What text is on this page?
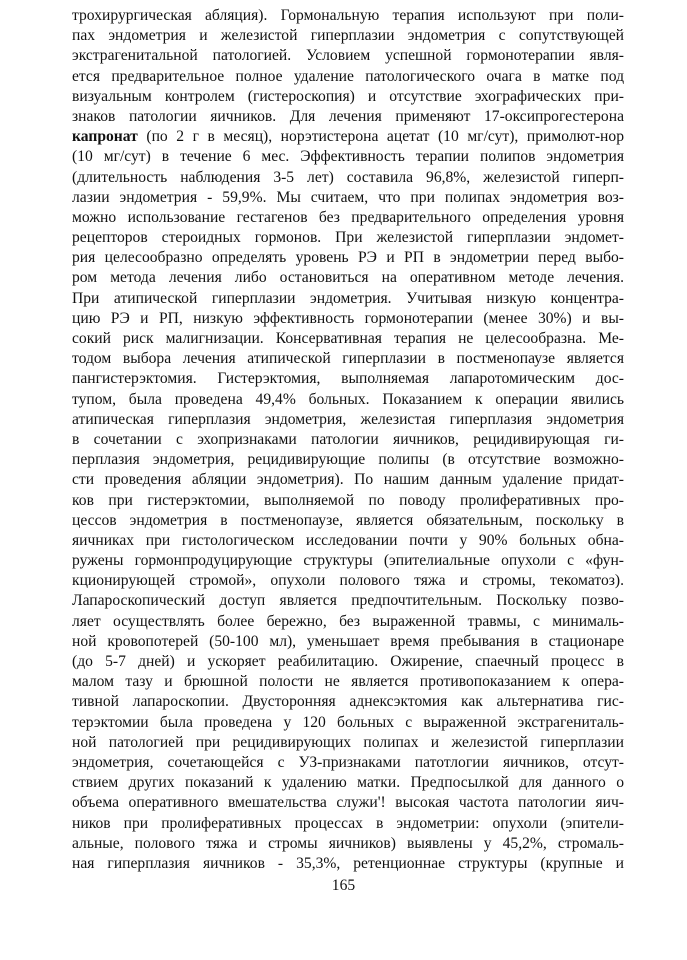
трохирургическая абляция). Гормональную терапия используют при поли-
пах эндометрия и железистой гиперплазии эндометрия с сопутствующей
экстрагенитальной патологией. Условием успешной гормонотерапии явля-
ется предварительное полное удаление патологического очага в матке под
визуальным контролем (гистероскопия) и отсутствие эхографических при-
знаков патологии яичников. Для лечения применяют 17-оксипрогестерона
капронат (по 2 г в месяц), норэтистерона ацетат (10 мг/сут), примолют-нор
(10 мг/сут) в течение 6 мес. Эффективность терапии полипов эндометрия
(длительность наблюдения 3-5 лет) составила 96,8%, железистой гиперп-
лазии эндометрия - 59,9%. Мы считаем, что при полипах эндометрия воз-
можно использование гестагенов без предварительного определения уровня
рецепторов стероидных гормонов. При железистой гиперплазии эндомет-
рия целесообразно определять уровень РЭ и РП в эндометрии перед выбо-
ром метода лечения либо остановиться на оперативном методе лечения.
При атипической гиперплазии эндометрия. Учитывая низкую концентра-
цию РЭ и РП, низкую эффективность гормонотерапии (менее 30%) и вы-
сокий риск малигнизации. Консервативная терапия не целесообразна. Ме-
тодом выбора лечения атипической гиперплазии в постменопаузе является
пангистерэктомия. Гистерэктомия, выполняемая лапаротомическим дос-
тупом, была проведена 49,4% больных. Показанием к операции явились
атипическая гиперплазия эндометрия, железистая гиперплазия эндометрия
в сочетании с эхопризнаками патологии яичников, рецидивирующая ги-
перплазия эндометрия, рецидивирующие полипы (в отсутствие возможно-
сти проведения абляции эндометрия). По нашим данным удаление придат-
ков при гистерэктомии, выполняемой по поводу пролиферативных про-
цессов эндометрия в постменопаузе, является обязательным, поскольку в
яичниках при гистологическом исследовании почти у 90% больных обна-
ружены гормонпродуцирующие структуры (эпителиальные опухоли с «фун-
кционирующей стромой», опухоли полового тяжа и стромы, текоматоз).
Лапароскопический доступ является предпочтительным. Поскольку позво-
ляет осуществлять более бережно, без выраженной травмы, с минималь-
ной кровопотерей (50-100 мл), уменьшает время пребывания в стационаре
(до 5-7 дней) и ускоряет реабилитацию. Ожирение, спаечный процесс в
малом тазу и брюшной полости не является противопоказанием к опера-
тивной лапароскопии. Двусторонняя аднексэктомия как альтернатива гис-
терэктомии была проведена у 120 больных с выраженной экстрагениталь-
ной патологией при рецидивирующих полипах и железистой гиперплазии
эндометрия, сочетающейся с УЗ-признаками патотлогии яичников, отсут-
ствием других показаний к удалению матки. Предпосылкой для данного о
объема оперативного вмешательства служи'! высокая частота патологии яич-
ников при пролиферативных процессах в эндометрии: опухоли (эпители-
альные, полового тяжа и стромы яичников) выявлены у 45,2%, стромаль-
ная гиперплазия яичников - 35,3%, ретенционнае структуры (крупные и
165
